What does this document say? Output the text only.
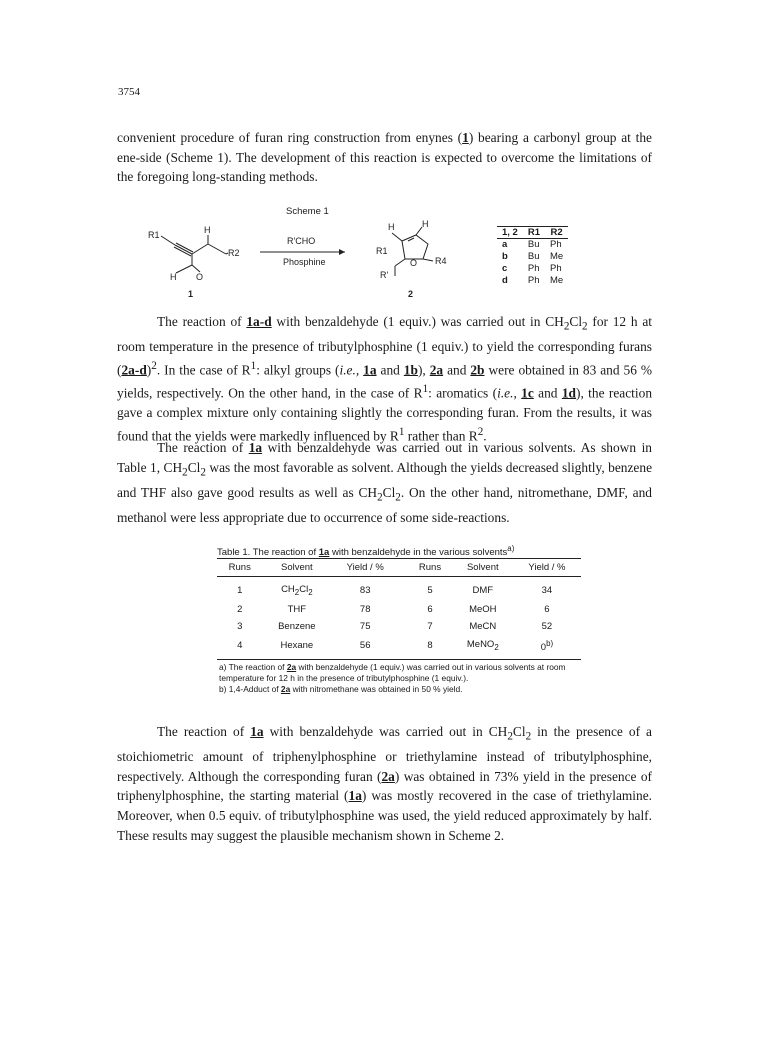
3754

convenient procedure of furan ring construction from enynes (1) bearing a carbonyl group at the ene-side (Scheme 1). The development of this reaction is expected to overcome the limitations of the foregoing long-standing methods.

Scheme 1
R1	H
R2
H O
1
R'CHO
Phosphine
H	H
R1
O R4
R'
2
1, 2	R1	R2
a	Bu	Ph
b	Bu	Me
c	Ph	Ph
d	Ph	Me

The reaction of 1a-d with benzaldehyde (1 equiv.) was carried out in $CH_2Cl_2$ for 12 h at room temperature in the presence of tributylphosphine (1 equiv.) to yield the corresponding furans $(2a-d)^2$. In the case of $R^1$: alkyl groups (i.e., 1a and 1b), 2a and 2b were obtained in 83 and 56 % yields, respectively. On the other hand, in the case of $R^1$: aromatics (i.e., 1c and 1d), the reaction gave a complex mixture only containing slightly the corresponding furan. From the results, it was found that the yields were markedly influenced by $R^1$ rather than $R^2$.

The reaction of 1a with benzaldehyde was carried out in various solvents. As shown in Table 1, $CH_2Cl_2$ was the most favorable as solvent. Although the yields decreased slightly, benzene and THF also gave good results as well as $CH_2Cl_2$. On the other hand, nitromethane, DMF, and methanol were less appropriate due to occurrence of some side-reactions.

Table 1. The reaction of 1a with benzaldehyde in the various solvents$^{a)}$
Runs	Solvent	Yield / %		Runs	Solvent	Yield / %
1	$CH_2Cl_2$	83		5	DMF	34
2	THF	78		6	MeOH	6
3	Benzene	75		7	MeCN	52
4	Hexane	56		8	MeNO$_2$	0$^{b)}$

a) The reaction of 2a with benzaldehyde (1 equiv.) was carried out in various solvents at room temperature for 12 h in the presence of tributylphosphine (1 equiv.).

b) 1,4-Adduct of 2a with nitromethane was obtained in 50 % yield.

The reaction of 1a with benzaldehyde was carried out in $CH_2Cl_2$ in the presence of a stoichiometric amount of triphenylphosphine or triethylamine instead of tributylphosphine, respectively. Although the corresponding furan (2a) was obtained in 73% yield in the presence of triphenylphosphine, the starting material (1a) was mostly recovered in the case of triethylamine. Moreover, when 0.5 equiv. of tributylphosphine was used, the yield reduced approximately by half. These results may suggest the plausible mechanism shown in Scheme 2.
